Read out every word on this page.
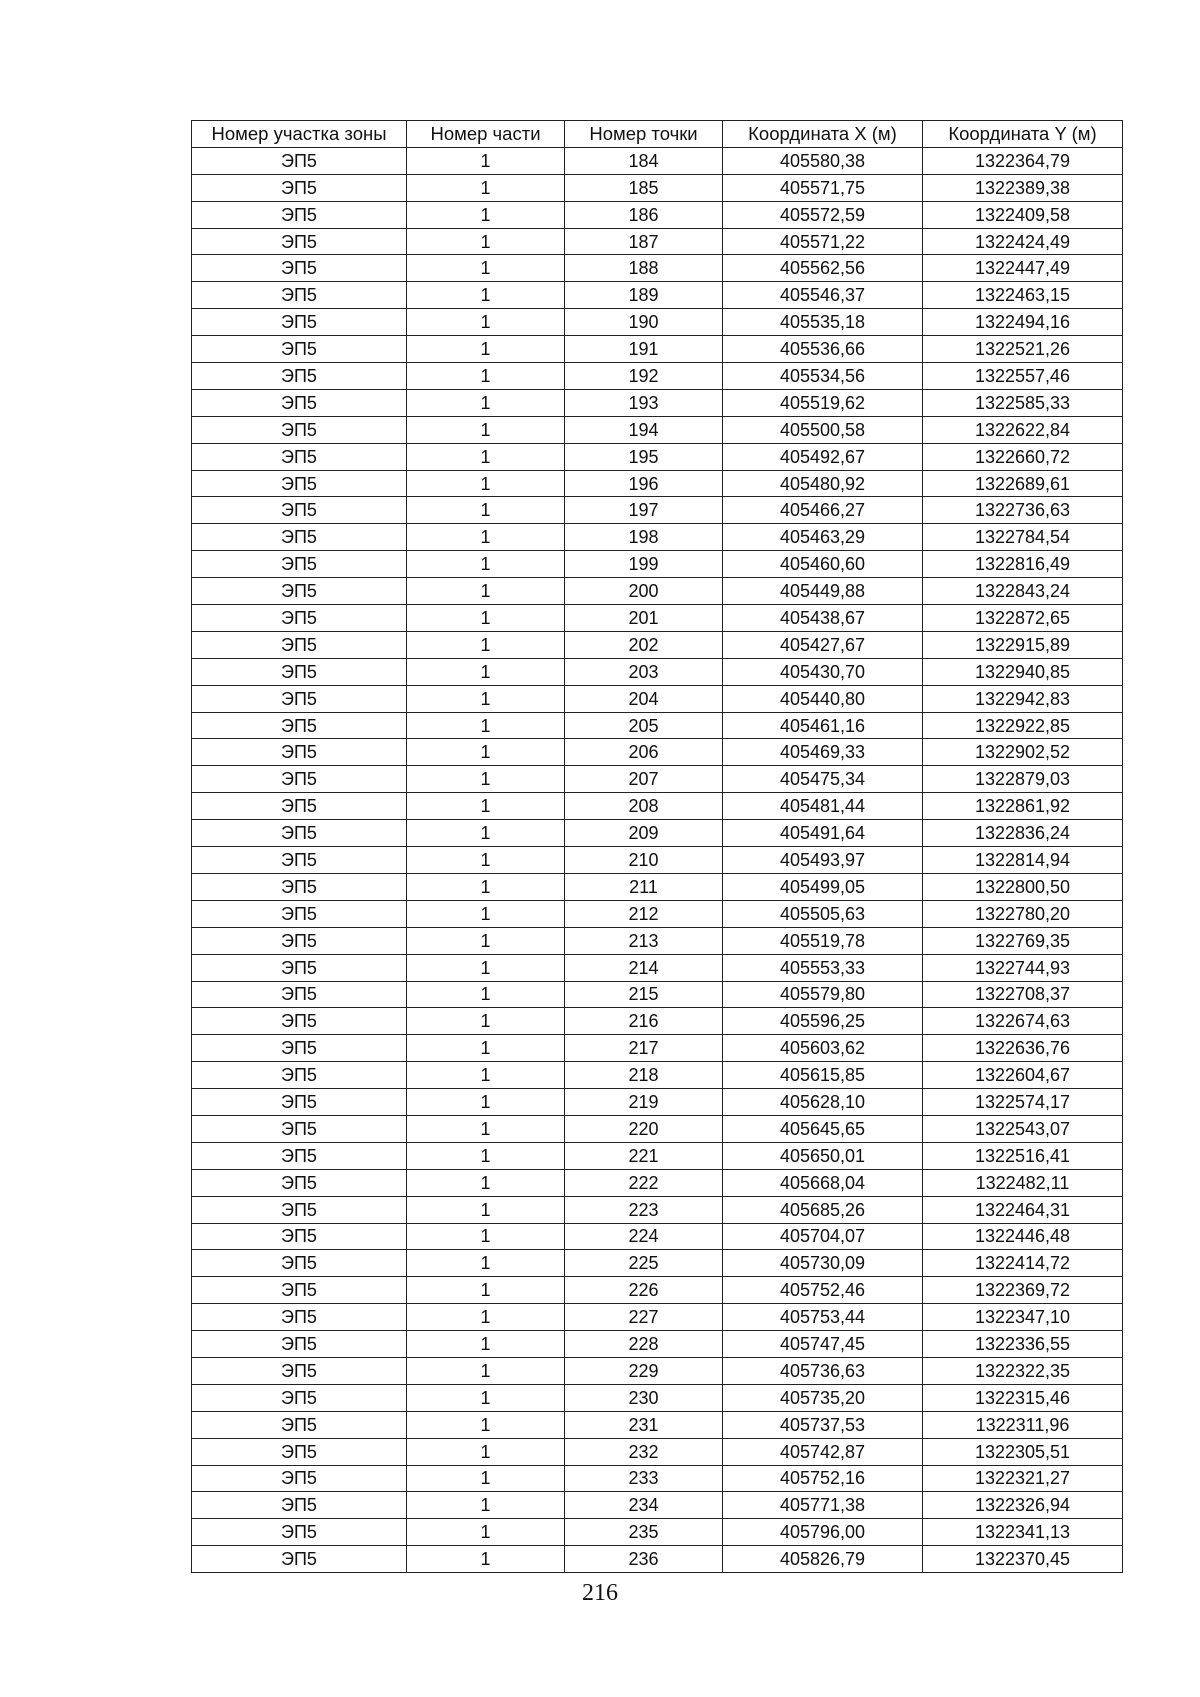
Номер участка зоны	Номер части	Номер точки	Координата X (м)	Координата Y (м)
ЭП5	1	184	405580,38	1322364,79
ЭП5	1	185	405571,75	1322389,38
ЭП5	1	186	405572,59	1322409,58
ЭП5	1	187	405571,22	1322424,49
ЭП5	1	188	405562,56	1322447,49
ЭП5	1	189	405546,37	1322463,15
ЭП5	1	190	405535,18	1322494,16
ЭП5	1	191	405536,66	1322521,26
ЭП5	1	192	405534,56	1322557,46
ЭП5	1	193	405519,62	1322585,33
ЭП5	1	194	405500,58	1322622,84
ЭП5	1	195	405492,67	1322660,72
ЭП5	1	196	405480,92	1322689,61
ЭП5	1	197	405466,27	1322736,63
ЭП5	1	198	405463,29	1322784,54
ЭП5	1	199	405460,60	1322816,49
ЭП5	1	200	405449,88	1322843,24
ЭП5	1	201	405438,67	1322872,65
ЭП5	1	202	405427,67	1322915,89
ЭП5	1	203	405430,70	1322940,85
ЭП5	1	204	405440,80	1322942,83
ЭП5	1	205	405461,16	1322922,85
ЭП5	1	206	405469,33	1322902,52
ЭП5	1	207	405475,34	1322879,03
ЭП5	1	208	405481,44	1322861,92
ЭП5	1	209	405491,64	1322836,24
ЭП5	1	210	405493,97	1322814,94
ЭП5	1	211	405499,05	1322800,50
ЭП5	1	212	405505,63	1322780,20
ЭП5	1	213	405519,78	1322769,35
ЭП5	1	214	405553,33	1322744,93
ЭП5	1	215	405579,80	1322708,37
ЭП5	1	216	405596,25	1322674,63
ЭП5	1	217	405603,62	1322636,76
ЭП5	1	218	405615,85	1322604,67
ЭП5	1	219	405628,10	1322574,17
ЭП5	1	220	405645,65	1322543,07
ЭП5	1	221	405650,01	1322516,41
ЭП5	1	222	405668,04	1322482,11
ЭП5	1	223	405685,26	1322464,31
ЭП5	1	224	405704,07	1322446,48
ЭП5	1	225	405730,09	1322414,72
ЭП5	1	226	405752,46	1322369,72
ЭП5	1	227	405753,44	1322347,10
ЭП5	1	228	405747,45	1322336,55
ЭП5	1	229	405736,63	1322322,35
ЭП5	1	230	405735,20	1322315,46
ЭП5	1	231	405737,53	1322311,96
ЭП5	1	232	405742,87	1322305,51
ЭП5	1	233	405752,16	1322321,27
ЭП5	1	234	405771,38	1322326,94
ЭП5	1	235	405796,00	1322341,13
ЭП5	1	236	405826,79	1322370,45
216
